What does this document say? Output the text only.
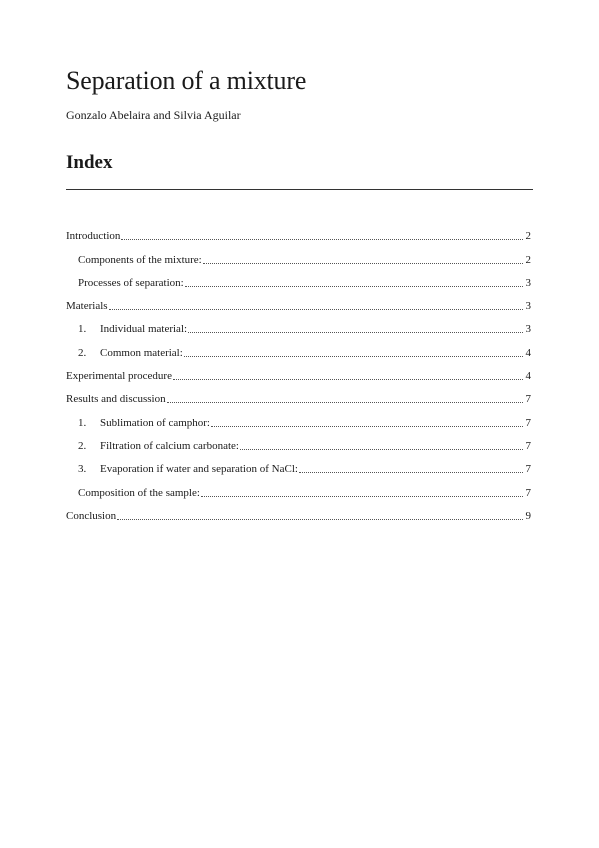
Separation of a mixture

Gonzalo Abelaira and Silvia Aguilar

Index
Introduction	2
Components of the mixture:	2
Processes of separation:	3
Materials	3
1.	Individual material:	3
2.	Common material:	4
Experimental procedure	4
Results and discussion	7
1.	Sublimation of camphor:	7
2.	Filtration of calcium carbonate:	7
3.	Evaporation if water and separation of NaCl:	7
Composition of the sample:	7
Conclusion	9
